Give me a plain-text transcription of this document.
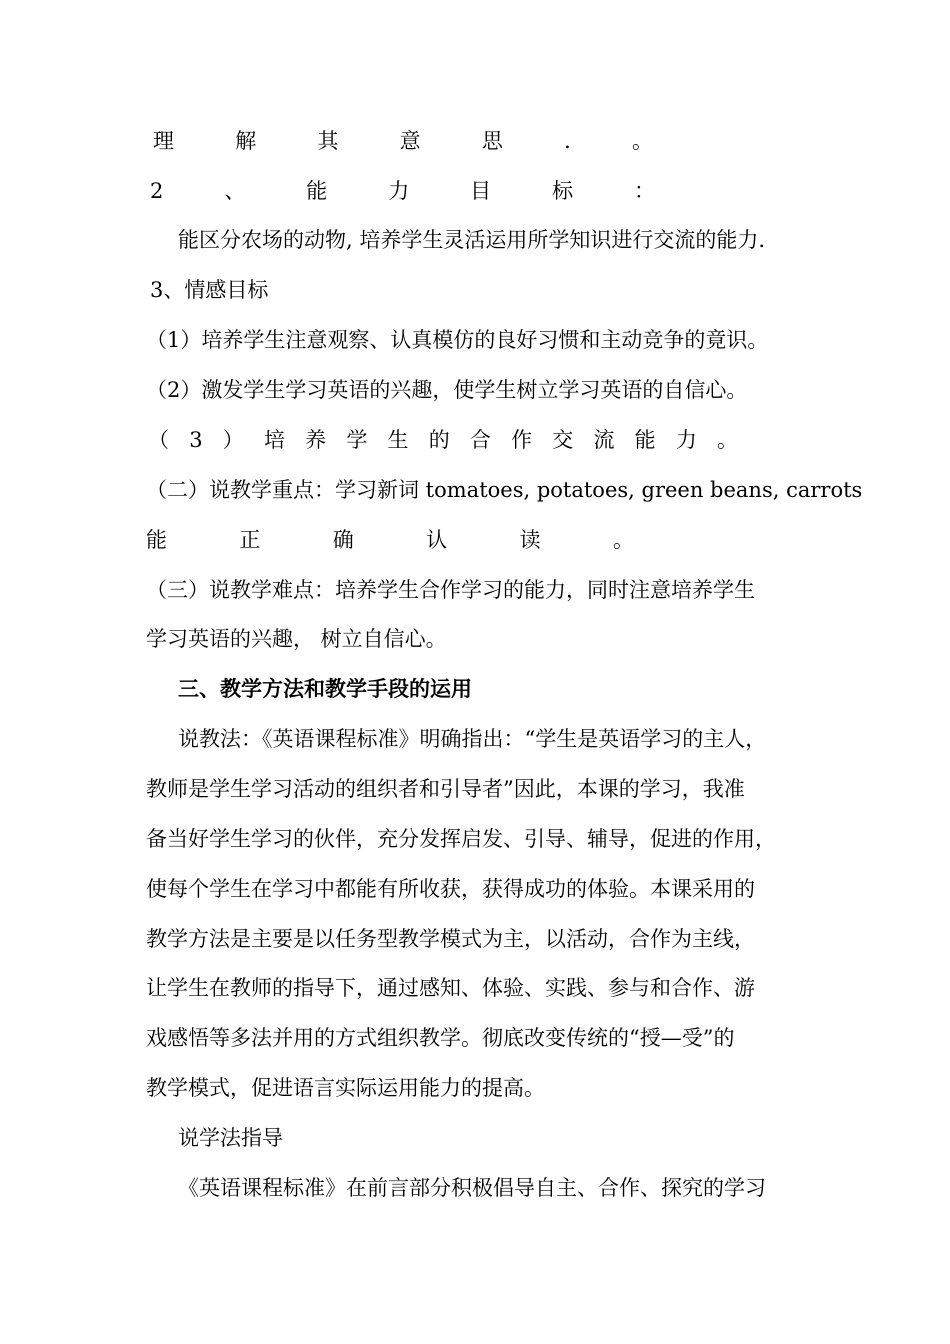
理	解	其	意	思	.	。
2	、	能	力	目	标	：
能区分农场的动物, 培养学生灵活运用所学知识进行交流的能力.
3、情感目标
（1）培养学生注意观察、认真模仿的良好习惯和主动竞争的竟识。
（2）激发学生学习英语的兴趣，使学生树立学习英语的自信心。
（ 3 ） 培 养 学 生 的 合 作 交 流 能 力 。
（二）说教学重点：学习新词 tomatoes, potatoes, green beans, carrots
能	正	确	认	读	。
（三）说教学难点：培养学生合作学习的能力，同时注意培养学生
学习英语的兴趣， 树立自信心。
三、教学方法和教学手段的运用
说教法：《英语课程标准》明确指出：“学生是英语学习的主人，
教师是学生学习活动的组织者和引导者”因此，本课的学习，我准
备当好学生学习的伙伴，充分发挥启发、引导、辅导，促进的作用，
使每个学生在学习中都能有所收获，获得成功的体验。本课采用的
教学方法是主要是以任务型教学模式为主，以活动，合作为主线，
让学生在教师的指导下，通过感知、体验、实践、参与和合作、游
戏感悟等多法并用的方式组织教学。彻底改变传统的“授—受”的
教学模式，促进语言实际运用能力的提高。
说学法指导
《英语课程标准》在前言部分积极倡导自主、合作、探究的学习
